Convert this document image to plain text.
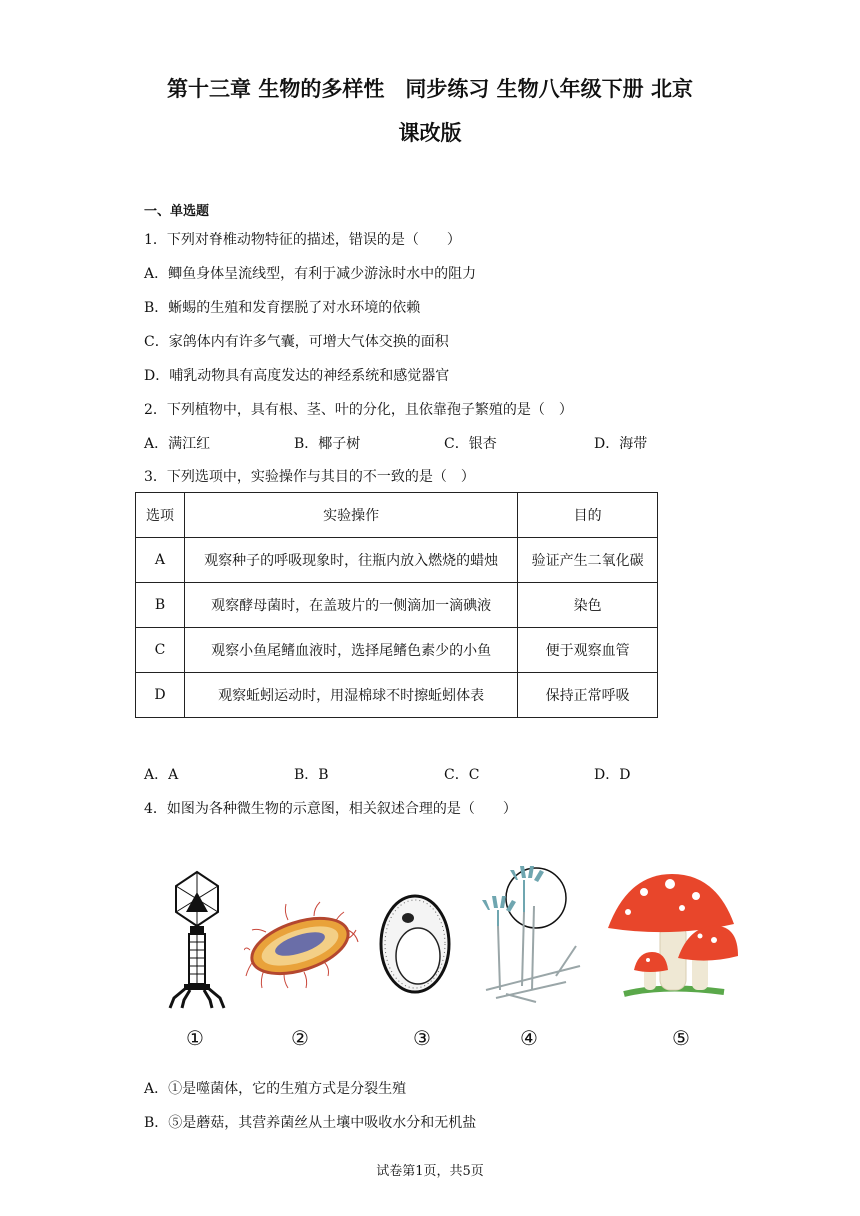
第十三章 生物的多样性　同步练习 生物八年级下册 北京
课改版
一、单选题
1．下列对脊椎动物特征的描述，错误的是（　　）
A．鲫鱼身体呈流线型，有利于减少游泳时水中的阻力
B．蜥蜴的生殖和发育摆脱了对水环境的依赖
C．家鸽体内有许多气囊，可增大气体交换的面积
D．哺乳动物具有高度发达的神经系统和感觉器官
2．下列植物中，具有根、茎、叶的分化，且依靠孢子繁殖的是（　）
A．满江红	B．椰子树	C．银杏	D．海带
3．下列选项中，实验操作与其目的不一致的是（　）
选项	实验操作	目的
A	观察种子的呼吸现象时，往瓶内放入燃烧的蜡烛	验证产生二氧化碳
B	观察酵母菌时，在盖玻片的一侧滴加一滴碘液	染色
C	观察小鱼尾鳍血液时，选择尾鳍色素少的小鱼	便于观察血管
D	观察蚯蚓运动时，用湿棉球不时擦蚯蚓体表	保持正常呼吸
A．A	B．B	C．C	D．D
4．如图为各种微生物的示意图，相关叙述合理的是（　　）
①	②	③	④	⑤
A．①是噬菌体，它的生殖方式是分裂生殖
B．⑤是蘑菇，其营养菌丝从土壤中吸收水分和无机盐
试卷第1页，共5页
